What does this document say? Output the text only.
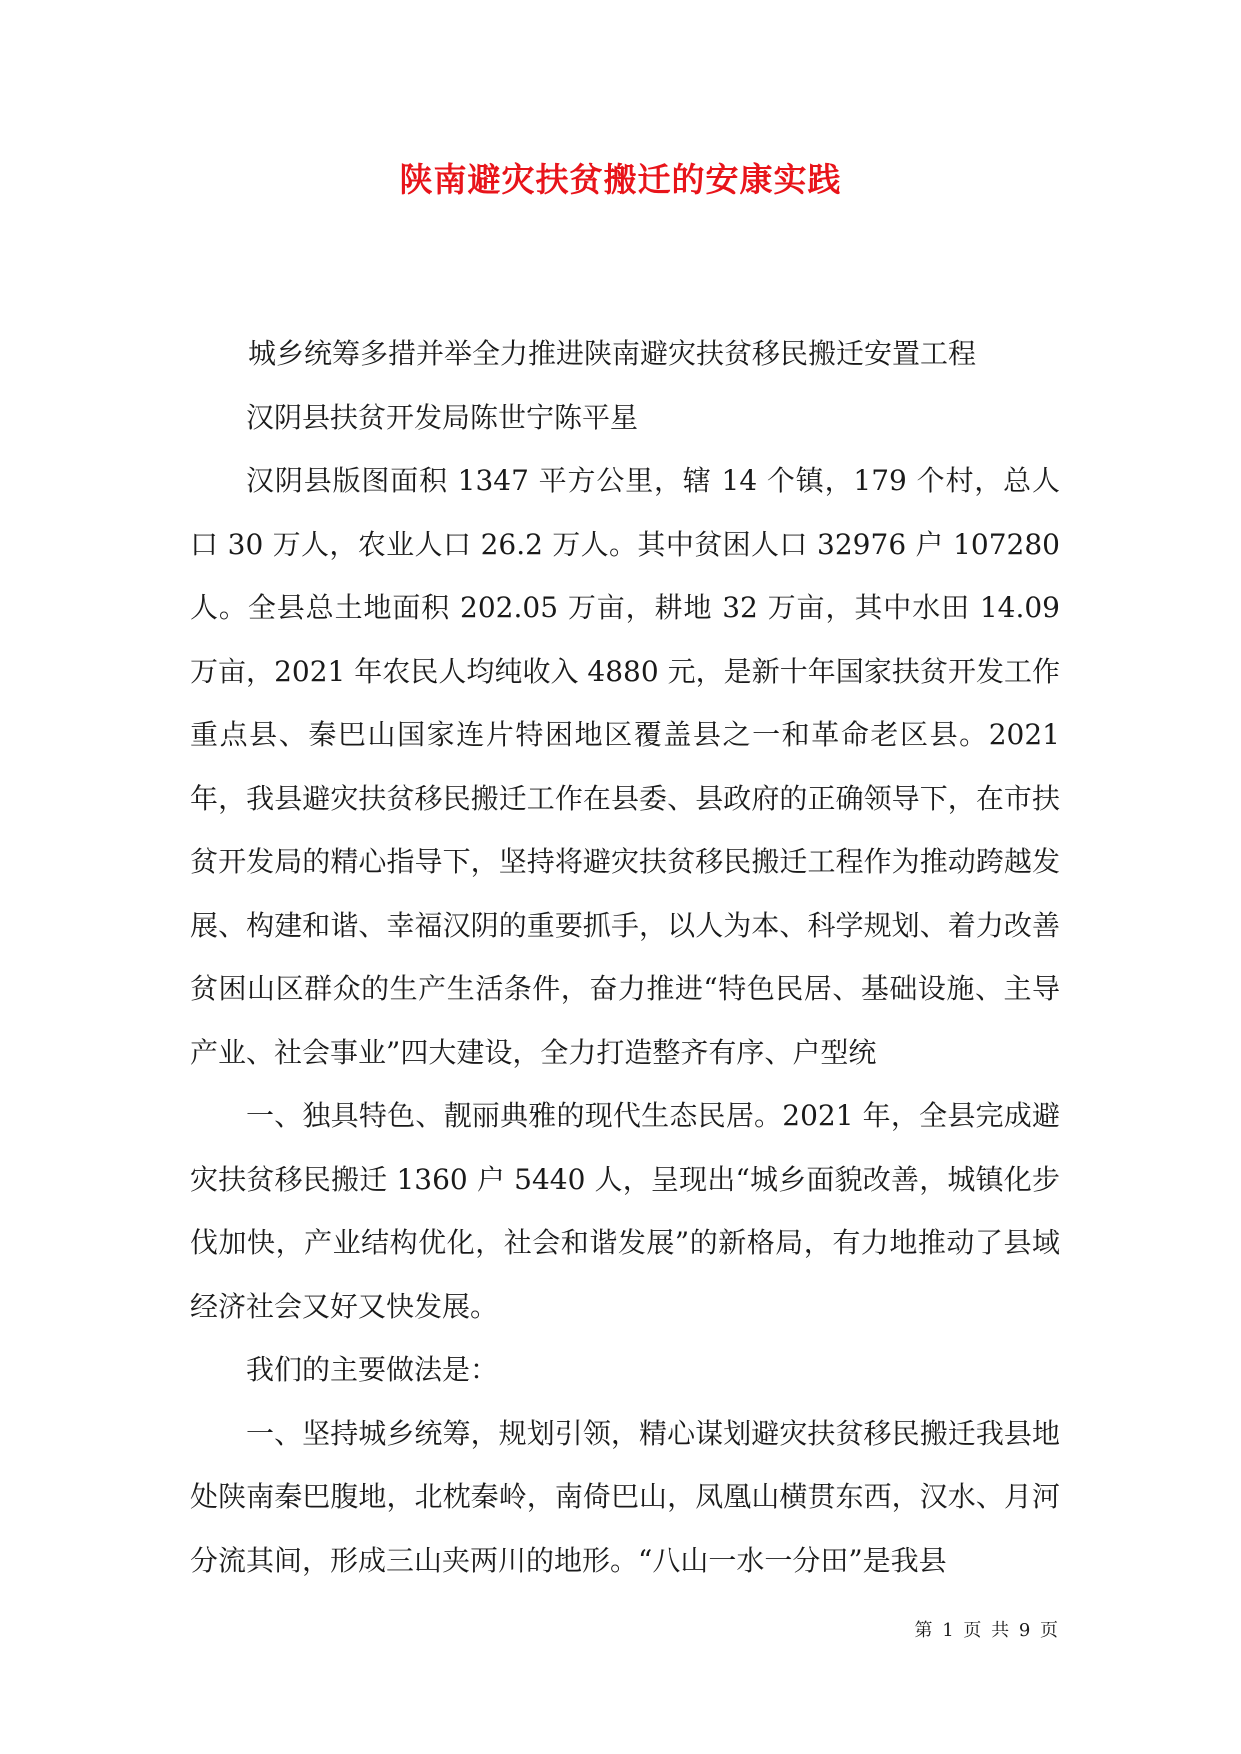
陕南避灾扶贫搬迁的安康实践

城乡统筹多措并举全力推进陕南避灾扶贫移民搬迁安置工程

汉阴县扶贫开发局陈世宁陈平星

汉阴县版图面积 1347 平方公里，辖 14 个镇，179 个村，总人口 30 万人，农业人口 26.2 万人。其中贫困人口 32976 户 107280 人。全县总土地面积 202.05 万亩，耕地 32 万亩，其中水田 14.09 万亩，2021 年农民人均纯收入 4880 元，是新十年国家扶贫开发工作重点县、秦巴山国家连片特困地区覆盖县之一和革命老区县。2021 年，我县避灾扶贫移民搬迁工作在县委、县政府的正确领导下，在市扶贫开发局的精心指导下，坚持将避灾扶贫移民搬迁工程作为推动跨越发展、构建和谐、幸福汉阴的重要抓手，以人为本、科学规划、着力改善贫困山区群众的生产生活条件，奋力推进“特色民居、基础设施、主导产业、社会事业”四大建设，全力打造整齐有序、户型统

一、独具特色、靓丽典雅的现代生态民居。2021 年，全县完成避灾扶贫移民搬迁 1360 户 5440 人，呈现出“城乡面貌改善，城镇化步伐加快，产业结构优化，社会和谐发展”的新格局，有力地推动了县域经济社会又好又快发展。

我们的主要做法是：

一、坚持城乡统筹，规划引领，精心谋划避灾扶贫移民搬迁我县地处陕南秦巴腹地，北枕秦岭，南倚巴山，凤凰山横贯东西，汉水、月河分流其间，形成三山夹两川的地形。“八山一水一分田”是我县

第 1 页 共 9 页
